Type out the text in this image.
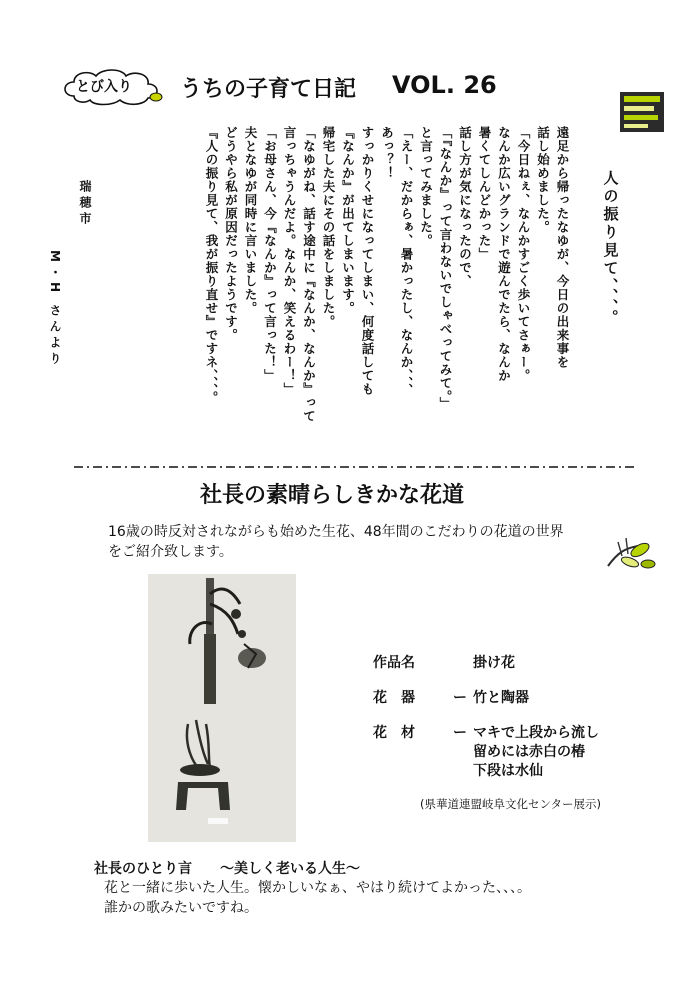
とび入り うちの子育て日記 VOL. 26
遠足から帰ったなゆが、今日の出来事を
話し始めました。
「今日ねぇ、なんかすごく歩いてさぁー。
なんか広いグランドで遊んでたら、なんか
暑くてしんどかった」
話し方が気になったので、
「『なんか』って言わないでしゃべってみて。」
と言ってみました。
「えー、だからぁ、暑かったし、なんか、、、
あっ？！
すっかりくせになってしまい、何度話しても
『なんか』が出てしまいます。
帰宅した夫にその話をしました。
「なゆがね、話す途中に『なんか、なんか』って
言っちゃうんだよ。なんか、笑えるわー！」
「お母さん、今『なんか』って言った！」
夫となゆが同時に言いました。
どうやら私が原因だったようです。
『人の振り見て、我が振り直せ』ですネ、、、。	人の振り見て、、、。
瑞穂市
M・H さんより
社長の素晴らしきかな花道
16歳の時反対されながらも始めた生花、48年間のこだわりの花道の世界をご紹介致します。
作品名	掛け花
花　器	ー 竹と陶器
花　材	ー マキで上段から流し
留めには赤白の椿
下段は水仙
(県華道連盟岐阜文化センター展示)
社長のひとり言　　～美しく老いる人生～
花と一緒に歩いた人生。懐かしいなぁ、やはり続けてよかった、、、。
誰かの歌みたいですね。
